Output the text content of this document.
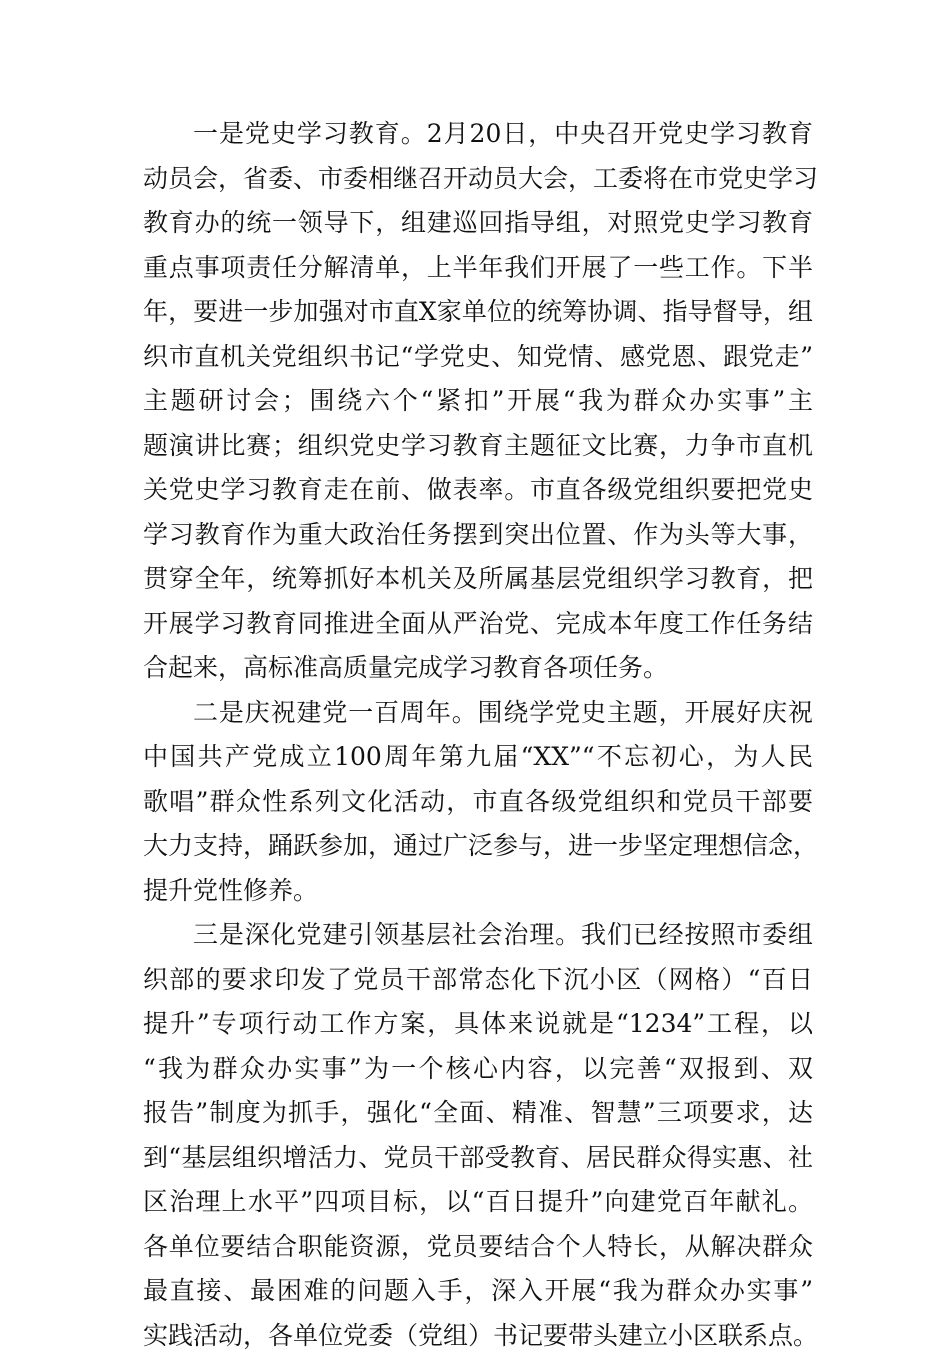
一是党史学习教育。2月20日，中央召开党史学习教育
动员会，省委、市委相继召开动员大会，工委将在市党史学习
教育办的统一领导下，组建巡回指导组，对照党史学习教育
重点事项责任分解清单，上半年我们开展了一些工作。下半
年，要进一步加强对市直X家单位的统筹协调、指导督导，组
织市直机关党组织书记“学党史、知党情、感党恩、跟党走”
主题研讨会；围绕六个“紧扣”开展“我为群众办实事”主
题演讲比赛；组织党史学习教育主题征文比赛，力争市直机
关党史学习教育走在前、做表率。市直各级党组织要把党史
学习教育作为重大政治任务摆到突出位置、作为头等大事，
贯穿全年，统筹抓好本机关及所属基层党组织学习教育，把
开展学习教育同推进全面从严治党、完成本年度工作任务结
合起来，高标准高质量完成学习教育各项任务。
二是庆祝建党一百周年。围绕学党史主题，开展好庆祝
中国共产党成立100周年第九届“XX”“不忘初心，为人民
歌唱”群众性系列文化活动，市直各级党组织和党员干部要
大力支持，踊跃参加，通过广泛参与，进一步坚定理想信念，
提升党性修养。
三是深化党建引领基层社会治理。我们已经按照市委组
织部的要求印发了党员干部常态化下沉小区（网格）“百日
提升”专项行动工作方案，具体来说就是“1234”工程，以
“我为群众办实事”为一个核心内容，以完善“双报到、双
报告”制度为抓手，强化“全面、精准、智慧”三项要求，达
到“基层组织增活力、党员干部受教育、居民群众得实惠、社
区治理上水平”四项目标，以“百日提升”向建党百年献礼。
各单位要结合职能资源，党员要结合个人特长，从解决群众
最直接、最困难的问题入手，深入开展“我为群众办实事”
实践活动，各单位党委（党组）书记要带头建立小区联系点。
